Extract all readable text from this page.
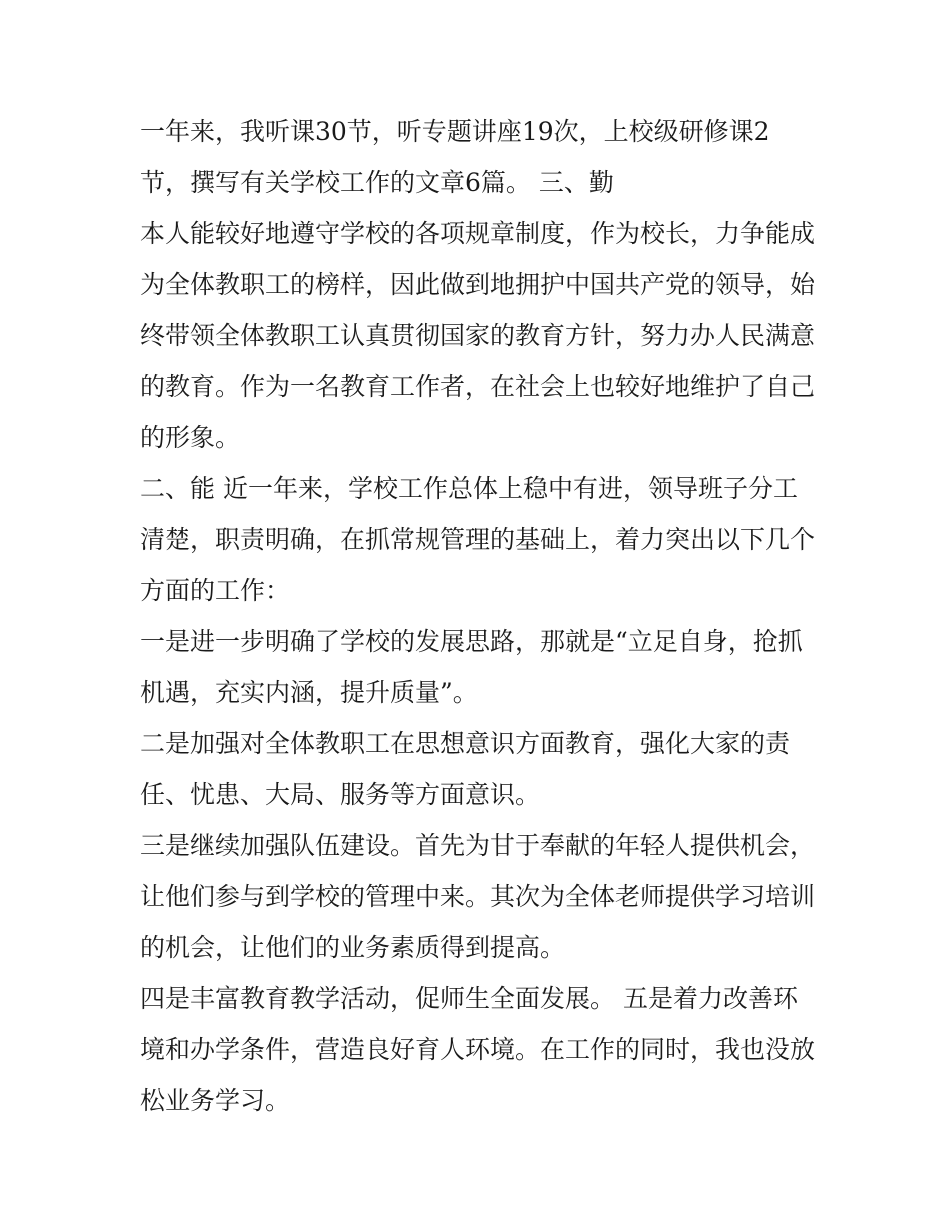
一年来，我听课30节，听专题讲座19次，上校级研修课2
节，撰写有关学校工作的文章6篇。 三、勤
本人能较好地遵守学校的各项规章制度，作为校长，力争能成
为全体教职工的榜样，因此做到地拥护中国共产党的领导，始
终带领全体教职工认真贯彻国家的教育方针，努力办人民满意
的教育。作为一名教育工作者，在社会上也较好地维护了自己
的形象。
二、能 近一年来，学校工作总体上稳中有进，领导班子分工
清楚，职责明确，在抓常规管理的基础上，着力突出以下几个
方面的工作：
一是进一步明确了学校的发展思路，那就是“立足自身，抢抓
机遇，充实内涵，提升质量”。
二是加强对全体教职工在思想意识方面教育，强化大家的责
任、忧患、大局、服务等方面意识。
三是继续加强队伍建设。首先为甘于奉献的年轻人提供机会，
让他们参与到学校的管理中来。其次为全体老师提供学习培训
的机会，让他们的业务素质得到提高。
四是丰富教育教学活动，促师生全面发展。 五是着力改善环
境和办学条件，营造良好育人环境。在工作的同时，我也没放
松业务学习。
